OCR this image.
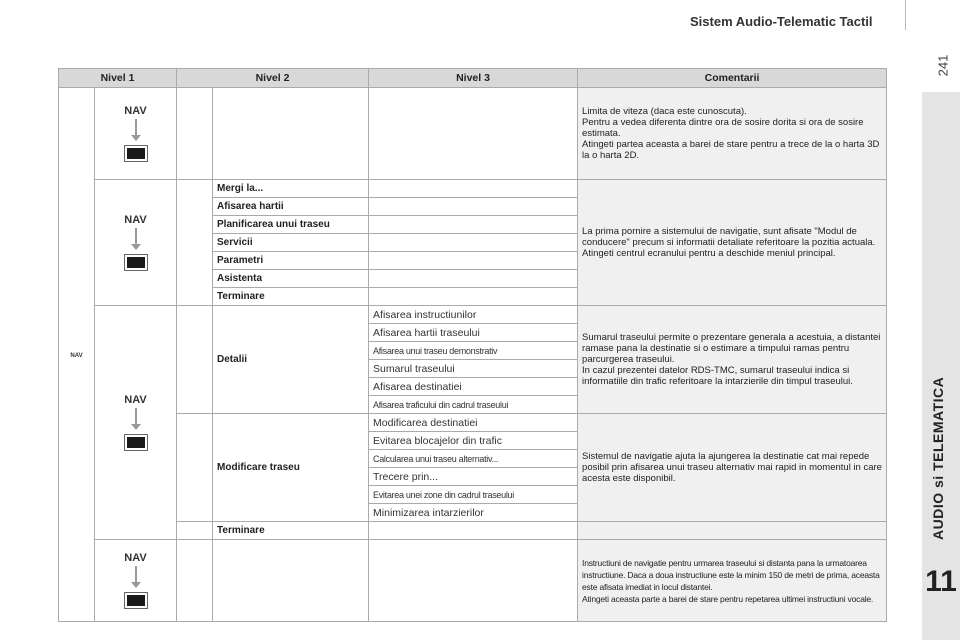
Sistem Audio-Telematic Tactil
241
AUDIO si TELEMATICA
11
Nivel 1		Nivel 2		Nivel 3	Comentarii
NAV	NAV				Limita de viteza (daca este cunoscuta).
Pentru a vedea diferenta dintre ora de sosire dorita si ora de sosire estimata.
Atingeti partea aceasta a barei de stare pentru a trece de la o harta 3D la o harta 2D.

	NAV		Mergi la...		La prima pornire a sistemului de navigatie, sunt afisate "Modul de conducere" precum si informatii detaliate referitoare la pozitia actuala.
Atingeti centrul ecranului pentru a deschide meniul principal.
			Afisarea hartii		
			Planificarea unui traseu		
			Servicii		
			Parametri		
			Asistenta		
			Terminare		

	NAV		Detalii	Afisarea instructiunilor	Sumarul traseului permite o prezentare generala a acestuia, a distantei ramase pana la destinatie si o estimare a timpului ramas pentru parcurgerea traseului.
In cazul prezentei datelor RDS-TMC, sumarul traseului indica si informatiile din trafic referitoare la intarzierile din timpul traseului.
				Afisarea hartii traseului	
				Afisarea unui traseu demonstrativ	
				Sumarul traseului	
				Afisarea destinatiei	
				Afisarea traficului din cadrul traseului	
			Modificare traseu	Modificarea destinatiei	Sistemul de navigatie ajuta la ajungerea la destinatie cat mai repede posibil prin afisarea unui traseu alternativ mai rapid in momentul in care acesta este disponibil.
				Evitarea blocajelor din trafic	
				Calcularea unui traseu alternativ...	
				Trecere prin...	
				Evitarea unei zone din cadrul traseului	
				Minimizarea intarzierilor	
			Terminare		

	NAV				Instructiuni de navigatie pentru urmarea traseului si distanta pana la urmatoarea instructiune. Daca a doua instructiune este la minim 150 de metri de prima, aceasta este afisata imediat in locul distantei.
Atingeti aceasta parte a barei de stare pentru repetarea ultimei instructiuni vocale.
